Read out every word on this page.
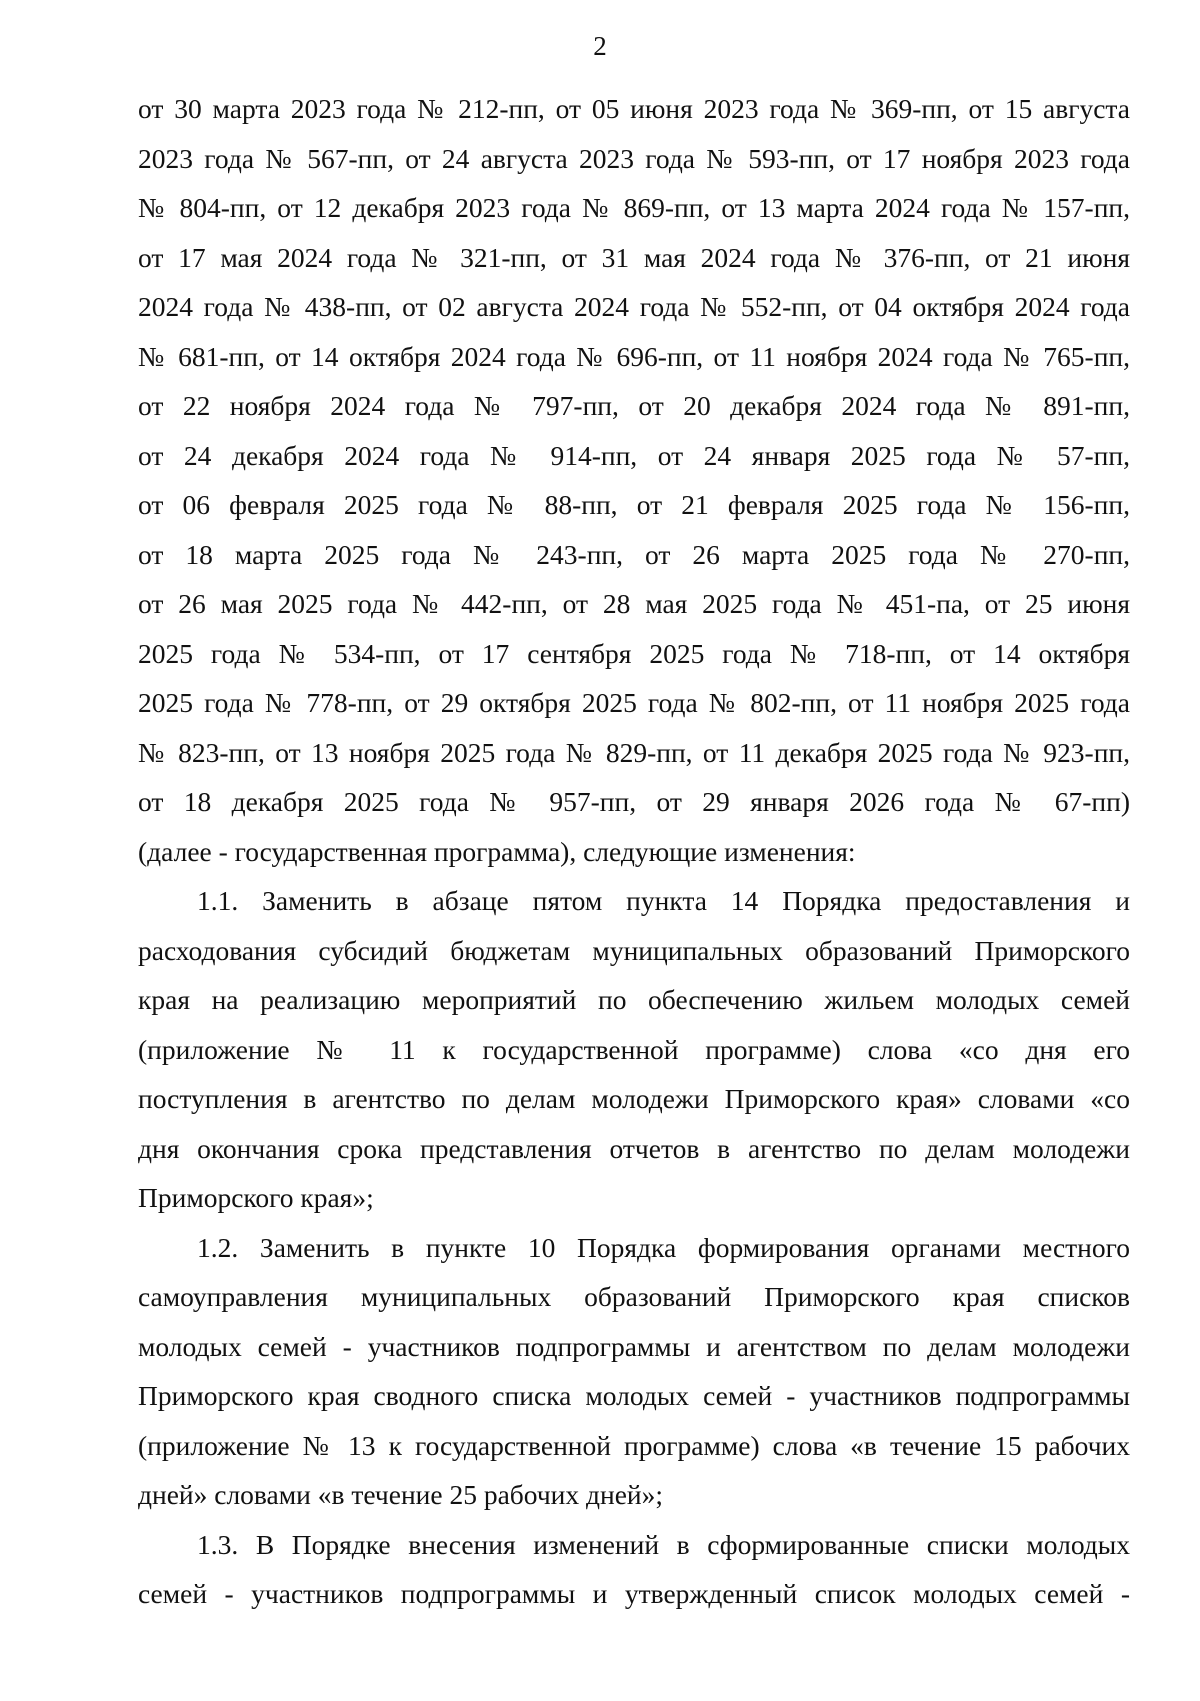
2
от 30 марта 2023 года № 212-пп, от 05 июня 2023 года № 369-пп, от 15 августа
2023 года № 567-пп, от 24 августа 2023 года № 593-пп, от 17 ноября 2023 года
№ 804-пп, от 12 декабря 2023 года № 869-пп, от 13 марта 2024 года № 157-пп,
от 17 мая 2024 года № 321-пп, от 31 мая 2024 года № 376-пп, от 21 июня
2024 года № 438-пп, от 02 августа 2024 года № 552-пп, от 04 октября 2024 года
№ 681-пп, от 14 октября 2024 года № 696-пп, от 11 ноября 2024 года № 765-пп,
от 22 ноября 2024 года № 797-пп, от 20 декабря 2024 года № 891-пп,
от 24 декабря 2024 года № 914-пп, от 24 января 2025 года № 57-пп,
от 06 февраля 2025 года № 88-пп, от 21 февраля 2025 года № 156-пп,
от 18 марта 2025 года № 243-пп, от 26 марта 2025 года № 270-пп,
от 26 мая 2025 года № 442-пп, от 28 мая 2025 года № 451-па, от 25 июня
2025 года № 534-пп, от 17 сентября 2025 года № 718-пп, от 14 октября
2025 года № 778-пп, от 29 октября 2025 года № 802-пп, от 11 ноября 2025 года
№ 823-пп, от 13 ноября 2025 года № 829-пп, от 11 декабря 2025 года № 923-пп,
от 18 декабря 2025 года № 957-пп, от 29 января 2026 года № 67-пп)
(далее - государственная программа), следующие изменения:
1.1. Заменить в абзаце пятом пункта 14 Порядка предоставления и
расходования субсидий бюджетам муниципальных образований Приморского
края на реализацию мероприятий по обеспечению жильем молодых семей
(приложение № 11 к государственной программе) слова «со дня его
поступления в агентство по делам молодежи Приморского края» словами «со
дня окончания срока представления отчетов в агентство по делам молодежи
Приморского края»;
1.2. Заменить в пункте 10 Порядка формирования органами местного
самоуправления муниципальных образований Приморского края списков
молодых семей - участников подпрограммы и агентством по делам молодежи
Приморского края сводного списка молодых семей - участников подпрограммы
(приложение № 13 к государственной программе) слова «в течение 15 рабочих
дней» словами «в течение 25 рабочих дней»;
1.3. В Порядке внесения изменений в сформированные списки молодых
семей - участников подпрограммы и утвержденный список молодых семей -
